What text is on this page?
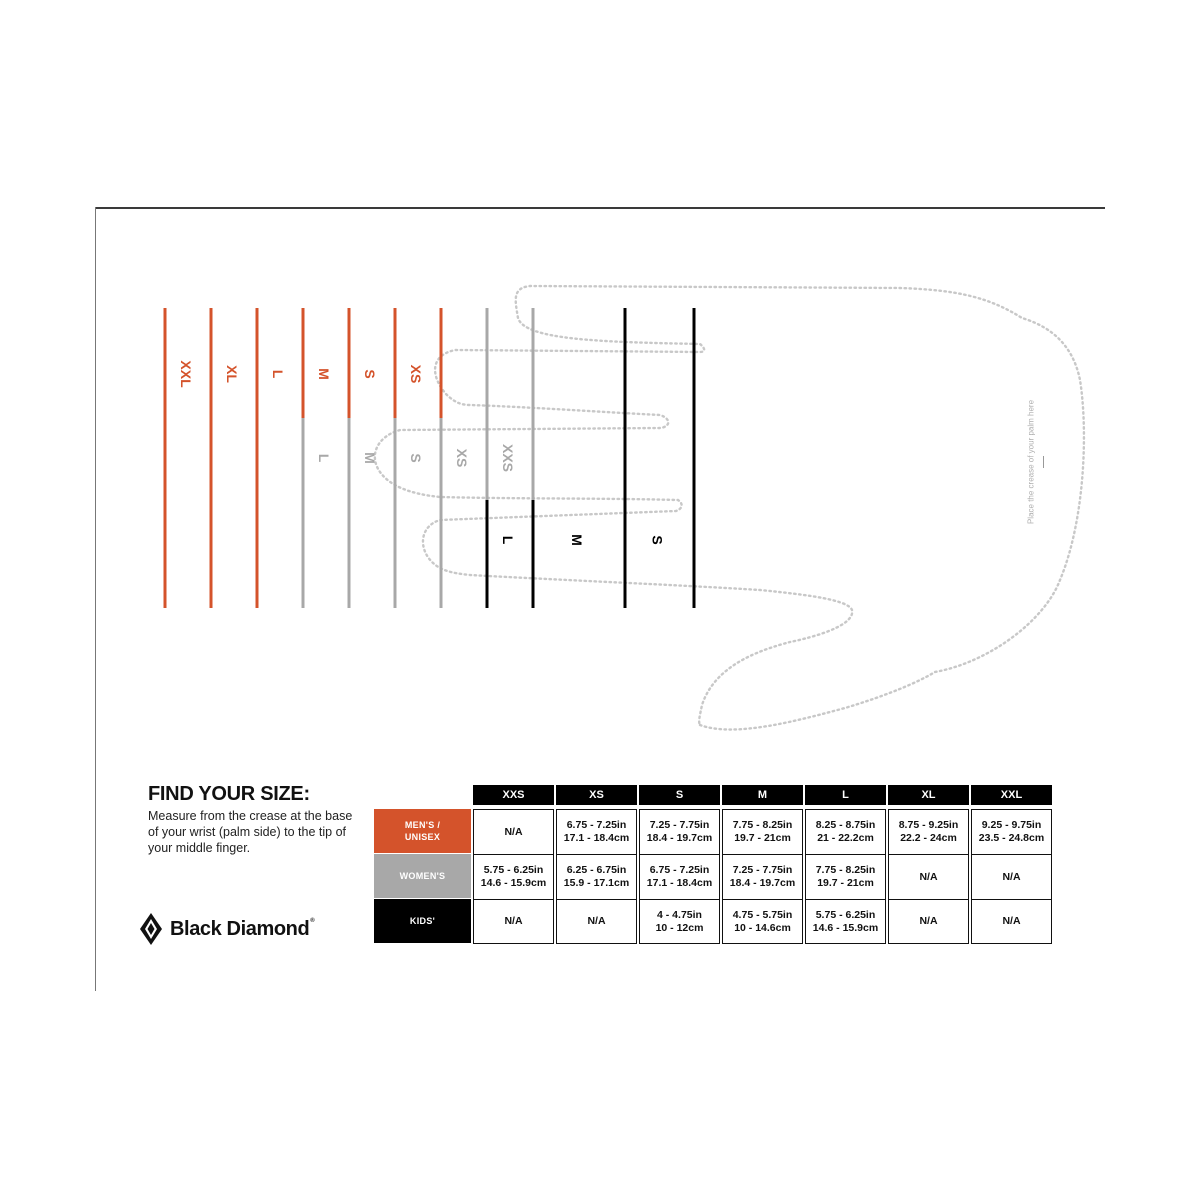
XXL XL L M S XS
L M S XS XXS
L	M	S
Place the crease of your palm here
FIND YOUR SIZE:
Measure from the crease at the base of your wrist (palm side) to the tip of your middle finger.
Black Diamond®
	XXS	XS	S	M	L	XL	XXL

MEN'S /
UNISEX	N/A	6.75 - 7.25in
17.1 - 18.4cm	7.25 - 7.75in
18.4 - 19.7cm	7.75 - 8.25in
19.7 - 21cm	8.25 - 8.75in
21 - 22.2cm	8.75 - 9.25in
22.2 - 24cm	9.25 - 9.75in
23.5 - 24.8cm

WOMEN'S	5.75 - 6.25in
14.6 - 15.9cm	6.25 - 6.75in
15.9 - 17.1cm	6.75 - 7.25in
17.1 - 18.4cm	7.25 - 7.75in
18.4 - 19.7cm	7.75 - 8.25in
19.7 - 21cm	N/A	N/A

KIDS'	N/A	N/A	4 - 4.75in
10 - 12cm	4.75 - 5.75in
10 - 14.6cm	5.75 - 6.25in
14.6 - 15.9cm	N/A	N/A
